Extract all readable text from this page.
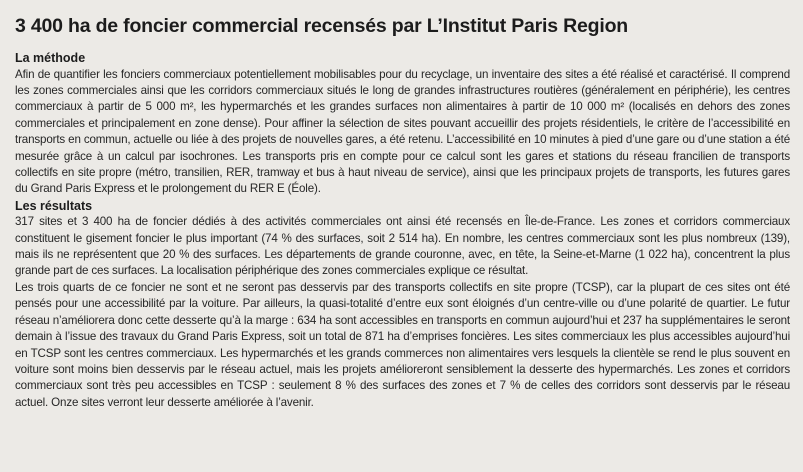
3 400 ha de foncier commercial recensés par L’Institut Paris Region
La méthode

Afin de quantifier les fonciers commerciaux potentiellement mobilisables pour du recyclage, un inventaire des sites a été réalisé et caractérisé. Il comprend les zones commerciales ainsi que les corridors commerciaux situés le long de grandes infrastructures routières (généralement en périphérie), les centres commerciaux à partir de 5 000 m², les hypermarchés et les grandes surfaces non alimentaires à partir de 10 000 m² (localisés en dehors des zones commerciales et principalement en zone dense). Pour affiner la sélection de sites pouvant accueillir des projets résidentiels, le critère de l’accessibilité en transports en commun, actuelle ou liée à des projets de nouvelles gares, a été retenu. L’accessibilité en 10 minutes à pied d’une gare ou d’une station a été mesurée grâce à un calcul par isochrones. Les transports pris en compte pour ce calcul sont les gares et stations du réseau francilien de transports collectifs en site propre (métro, transilien, RER, tramway et bus à haut niveau de service), ainsi que les principaux projets de transports, les futures gares du Grand Paris Express et le prolongement du RER E (Éole).

Les résultats

317 sites et 3 400 ha de foncier dédiés à des activités commerciales ont ainsi été recensés en Île-de-France. Les zones et corridors commerciaux constituent le gisement foncier le plus important (74 % des surfaces, soit 2 514 ha). En nombre, les centres commerciaux sont les plus nombreux (139), mais ils ne représentent que 20 % des surfaces. Les départements de grande couronne, avec, en tête, la Seine-et-Marne (1 022 ha), concentrent la plus grande part de ces surfaces. La localisation périphérique des zones commerciales explique ce résultat.

Les trois quarts de ce foncier ne sont et ne seront pas desservis par des transports collectifs en site propre (TCSP), car la plupart de ces sites ont été pensés pour une accessibilité par la voiture. Par ailleurs, la quasi-totalité d’entre eux sont éloignés d’un centre-ville ou d’une polarité de quartier. Le futur réseau n’améliorera donc cette desserte qu’à la marge : 634 ha sont accessibles en transports en commun aujourd’hui et 237 ha supplémentaires le seront demain à l’issue des travaux du Grand Paris Express, soit un total de 871 ha d’emprises foncières. Les sites commerciaux les plus accessibles aujourd’hui en TCSP sont les centres commerciaux. Les hypermarchés et les grands commerces non alimentaires vers lesquels la clientèle se rend le plus souvent en voiture sont moins bien desservis par le réseau actuel, mais les projets amélioreront sensiblement la desserte des hypermarchés. Les zones et corridors commerciaux sont très peu accessibles en TCSP : seulement 8 % des surfaces des zones et 7 % de celles des corridors sont desservis par le réseau actuel. Onze sites verront leur desserte améliorée à l’avenir.
